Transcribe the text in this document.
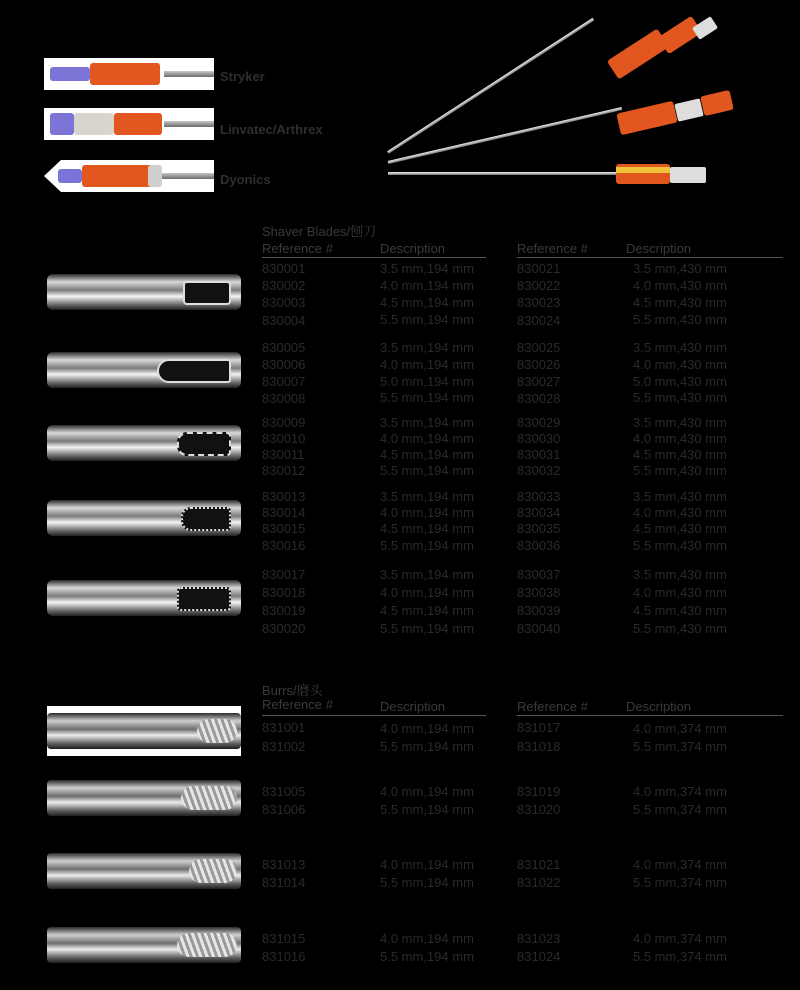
Stryker
Linvatec/Arthrex
Dyonics
Shaver Blades/刨刀
Reference #	Description	Reference #	Description
830001	3.5 mm,194 mm	830021	3.5 mm,430 mm
830002	4.0 mm,194 mm	830022	4.0 mm,430 mm
830003	4.5 mm,194 mm	830023	4.5 mm,430 mm
830004	5.5 mm,194 mm	830024	5.5 mm,430 mm
830005	3.5 mm,194 mm	830025	3.5 mm,430 mm
830006	4.0 mm,194 mm	830026	4.0 mm,430 mm
830007	5.0 mm,194 mm	830027	5.0 mm,430 mm
830008	5.5 mm,194 mm	830028	5.5 mm,430 mm
830009	3.5 mm,194 mm	830029	3.5 mm,430 mm
830010	4.0 mm,194 mm	830030	4.0 mm,430 mm
830011	4.5 mm,194 mm	830031	4.5 mm,430 mm
830012	5.5 mm,194 mm	830032	5.5 mm,430 mm
830013	3.5 mm,194 mm	830033	3.5 mm,430 mm
830014	4.0 mm,194 mm	830034	4.0 mm,430 mm
830015	4.5 mm,194 mm	830035	4.5 mm,430 mm
830016	5.5 mm,194 mm	830036	5.5 mm,430 mm
830017	3.5 mm,194 mm	830037	3.5 mm,430 mm
830018	4.0 mm,194 mm	830038	4.0 mm,430 mm
830019	4.5 mm,194 mm	830039	4.5 mm,430 mm
830020	5.5 mm,194 mm	830040	5.5 mm,430 mm
Burrs/磨头
Reference #	Description	Reference #	Description
831001	4.0 mm,194 mm	831017	4.0 mm,374 mm
831002	5.5 mm,194 mm	831018	5.5 mm,374 mm
831005	4.0 mm,194 mm	831019	4.0 mm,374 mm
831006	5.5 mm,194 mm	831020	5.5 mm,374 mm
831013	4.0 mm,194 mm	831021	4.0 mm,374 mm
831014	5.5 mm,194 mm	831022	5.5 mm,374 mm
831015	4.0 mm,194 mm	831023	4.0 mm,374 mm
831016	5.5 mm,194 mm	831024	5.5 mm,374 mm
